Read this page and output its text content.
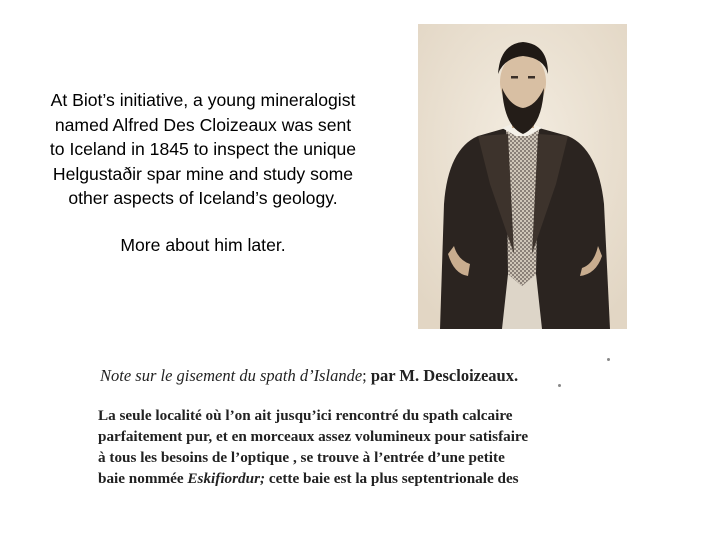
At Biot’s initiative, a young mineralogist

named Alfred Des Cloizeaux was sent

to Iceland in 1845 to inspect the unique

Helgustaðir spar mine and study some

other aspects of Iceland’s geology.

More about him later.

Note sur le gisement du spath d’Islande; par M. Descloizeaux.
La seule localité où l’on ait jusqu’ici rencontré du spath calcaire
parfaitement pur, et en morceaux assez volumineux pour satisfaire
à tous les besoins de l’optique , se trouve à l’entrée d’une petite
baie nommée Eskifiordur; cette baie est la plus septentrionale des
